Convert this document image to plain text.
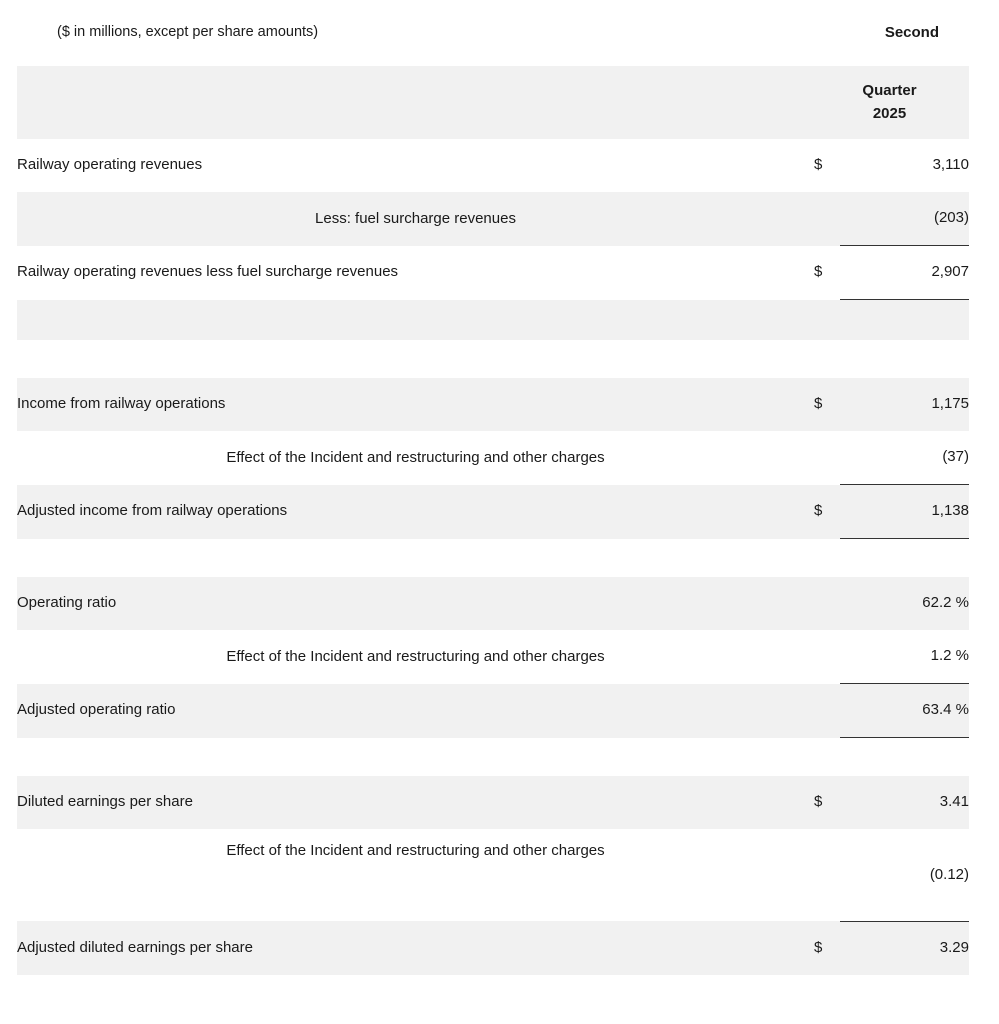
($ in millions, except per share amounts)		Second

		Quarter
2025

Railway operating revenues	$	3,110
Less: fuel surcharge revenues		(203)
Railway operating revenues less fuel surcharge revenues	$	2,907

Income from railway operations	$	1,175
Effect of the Incident and restructuring and other charges		(37)
Adjusted income from railway operations	$	1,138

Operating ratio		62.2 %
Effect of the Incident and restructuring and other charges		1.2 %
Adjusted operating ratio		63.4 %

Diluted earnings per share	$	3.41
Effect of the Incident and restructuring and other charges		(0.12)
Adjusted diluted earnings per share	$	3.29
